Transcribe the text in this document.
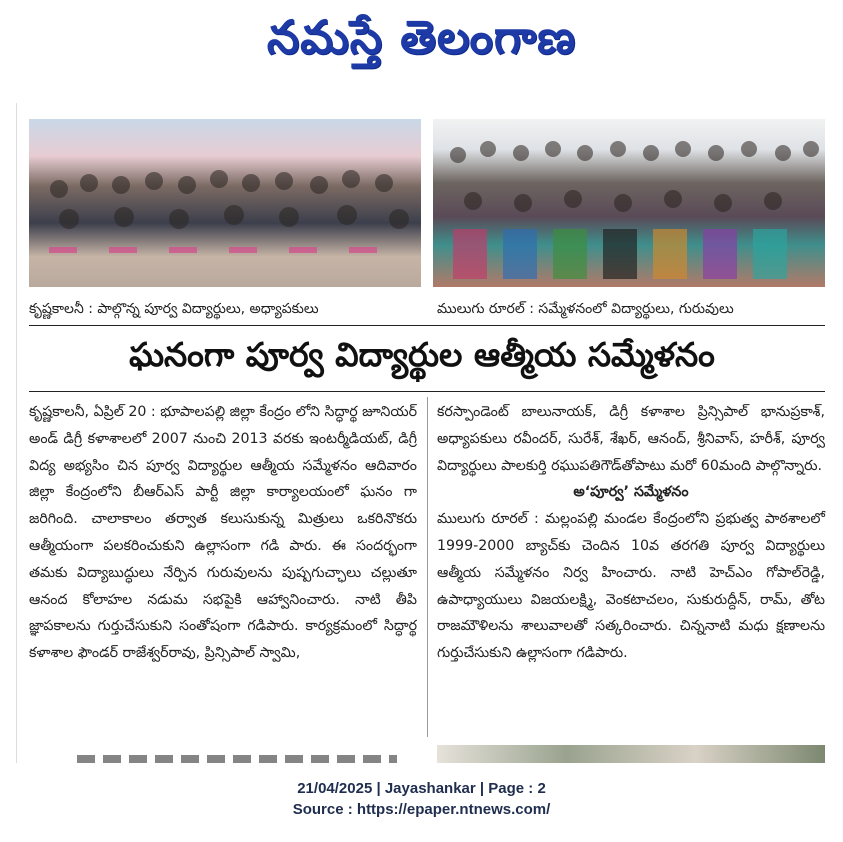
నమస్తే తెలంగాణ
కృష్ణకాలనీ : పాల్గొన్న పూర్వ విద్యార్థులు, అధ్యాపకులు	ములుగు రూరల్ : సమ్మేళనంలో విద్యార్థులు, గురువులు
ఘనంగా పూర్వ విద్యార్థుల ఆత్మీయ సమ్మేళనం

కృష్ణకాలనీ, ఏప్రిల్ 20 : భూపాలపల్లి జిల్లా కేంద్రం లోని సిద్ధార్థ జూనియర్ అండ్ డిగ్రీ కళాశాలలో 2007 నుంచి 2013 వరకు ఇంటర్మీడియట్, డిగ్రీ విద్య అభ్యసిం చిన పూర్వ విద్యార్థుల ఆత్మీయ సమ్మేళనం ఆదివారం జిల్లా కేంద్రంలోని బీఆర్ఎస్ పార్టీ జిల్లా కార్యాలయంలో ఘనం గా జరిగింది. చాలాకాలం తర్వాత కలుసుకున్న మిత్రులు ఒకరినొకరు ఆత్మీయంగా పలకరించుకుని ఉల్లాసంగా గడి పారు. ఈ సందర్భంగా తమకు విద్యాబుద్ధులు నేర్పిన గురువులను పుష్పగుచ్ఛాలు చల్లుతూ ఆనంద కోలాహల నడుమ సభపైకి ఆహ్వానించారు. నాటి తీపి జ్ఞాపకాలను గుర్తుచేసుకుని సంతోషంగా గడిపారు. కార్యక్రమంలో సిద్ధార్థ కళాశాల ఫౌండర్ రాజేశ్వర్‌రావు, ప్రిన్సిపాల్ స్వామి,

కరస్పాండెంట్ బాలునాయక్, డిగ్రీ కళాశాల ప్రిన్సిపాల్ భానుప్రకాశ్, అధ్యాపకులు రవీందర్, సురేశ్, శేఖర్, ఆనంద్, శ్రీనివాస్, హరీశ్, పూర్వ విద్యార్థులు పాలకుర్తి రఘుపతిగౌడ్‌తోపాటు మరో 60మంది పాల్గొన్నారు.

అ‘పూర్వ’ సమ్మేళనం

ములుగు రూరల్ : మల్లంపల్లి మండల కేంద్రంలోని ప్రభుత్వ పాఠశాలలో 1999-2000 బ్యాచ్‌కు చెందిన 10వ తరగతి పూర్వ విద్యార్థులు ఆత్మీయ సమ్మేళనం నిర్వ హించారు. నాటి హెచ్ఎం గోపాల్‌రెడ్డి, ఉపాధ్యాయులు విజయలక్ష్మి, వెంకటాచలం, సుకురుద్దీన్, రామ్, తోట రాజమౌళిలను శాలువాలతో సత్కరించారు. చిన్ననాటి మధు క్షణాలను గుర్తుచేసుకుని ఉల్లాసంగా గడిపారు.

21/04/2025 | Jayashankar | Page : 2
Source : https://epaper.ntnews.com/
